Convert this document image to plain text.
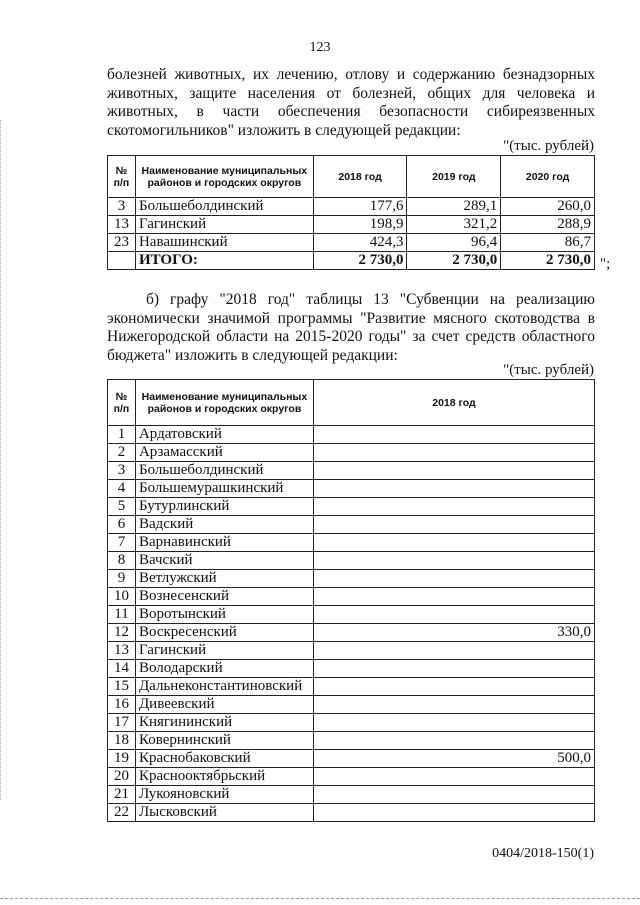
123
болезней животных, их лечению, отлову и содержанию безнадзорных
животных, защите населения от болезней, общих для человека и
животных, в части обеспечения безопасности сибиреязвенных
скотомогильников" изложить в следующей редакции:
"(тыс. рублей)
№ п/п	Наименование муниципальных районов и городских округов	2018 год	2019 год	2020 год
3	Большеболдинский	177,6	289,1	260,0
13	Гагинский	198,9	321,2	288,9
23	Навашинский	424,3	96,4	86,7
	ИТОГО:	2 730,0	2 730,0	2 730,0 ";
б) графу "2018 год" таблицы 13 "Субвенции на реализацию
экономически значимой программы "Развитие мясного скотоводства в
Нижегородской области на 2015-2020 годы" за счет средств областного
бюджета" изложить в следующей редакции:
"(тыс. рублей)
№ п/п	Наименование муниципальных районов и городских округов	2018 год
1	Ардатовский	
2	Арзамасский	
3	Большеболдинский	
4	Большемурашкинский	
5	Бутурлинский	
6	Вадский	
7	Варнавинский	
8	Вачский	
9	Ветлужский	
10	Вознесенский	
11	Воротынский	
12	Воскресенский	330,0
13	Гагинский	
14	Володарский	
15	Дальнеконстантиновский	
16	Дивеевский	
17	Княгининский	
18	Ковернинский	
19	Краснобаковский	500,0
20	Краснооктябрьский	
21	Лукояновский	
22	Лысковский	
0404/2018-150(1)
